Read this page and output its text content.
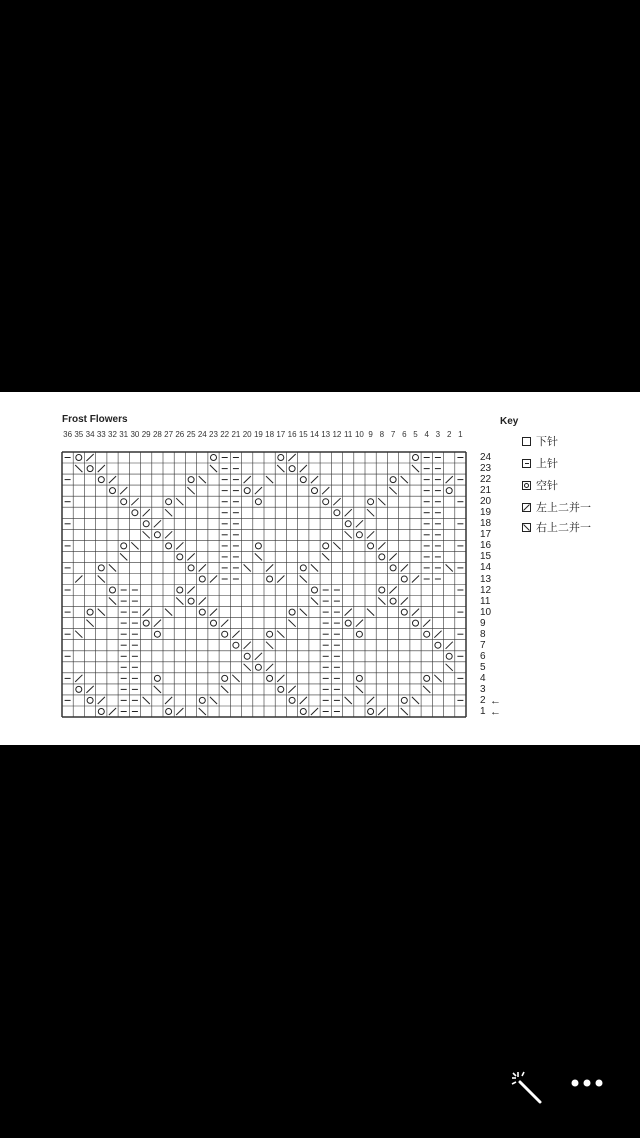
Frost Flowers
36 35 34 33 32 31 30 29 28 27 26 25 24 23 22 21 20 19 18 17 16 15 14 13 12 11 10 9 8 7 6 5 4 3 2 1
24
23
22
21
20
19
18
17
16
15
14
13
12
11
10
9
8
7
6
5
4
3
2 ←
1 ←
Key
下针
上针
空针
左上二并一
右上二并一
